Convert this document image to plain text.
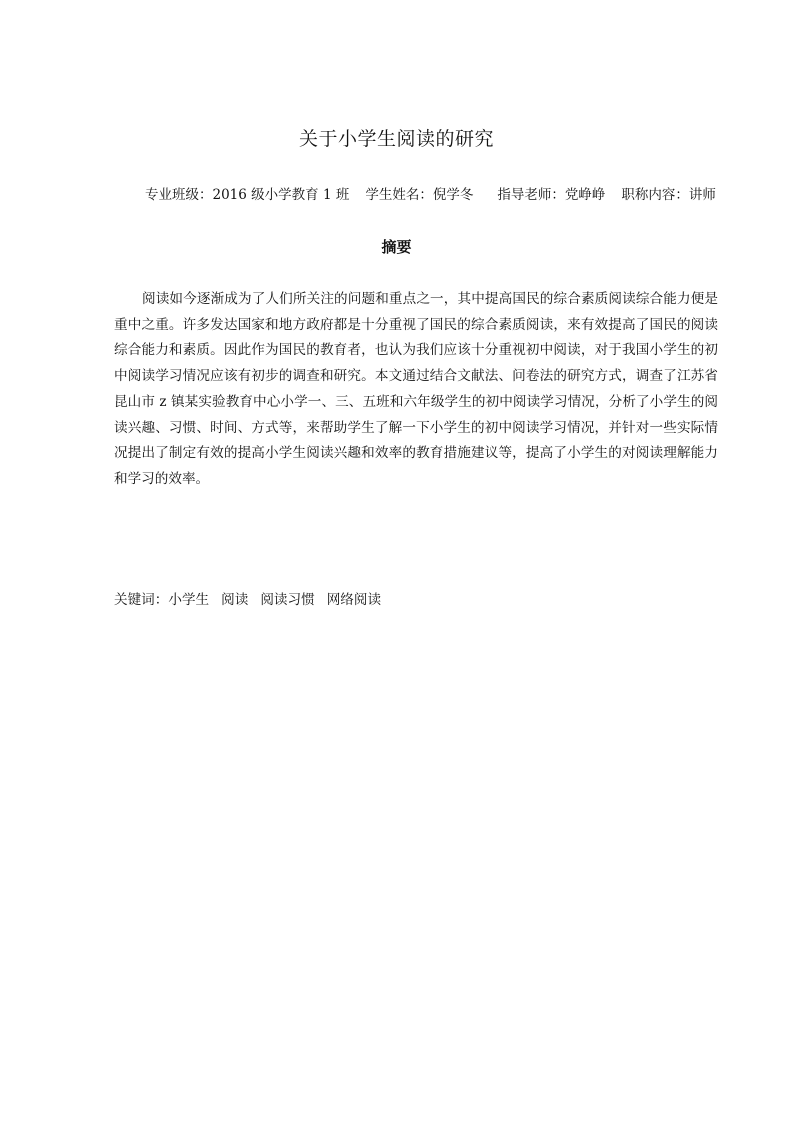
关于小学生阅读的研究
专业班级：2016 级小学教育 1 班 学生姓名：倪学冬 指导老师：党峥峥 职称内容：讲师
摘要

阅读如今逐渐成为了人们所关注的问题和重点之一，其中提高国民的综合素质阅读综合能力便是重中之重。许多发达国家和地方政府都是十分重视了国民的综合素质阅读，来有效提高了国民的阅读综合能力和素质。因此作为国民的教育者，也认为我们应该十分重视初中阅读，对于我国小学生的初中阅读学习情况应该有初步的调查和研究。本文通过结合文献法、问卷法的研究方式，调查了江苏省昆山市 z 镇某实验教育中心小学一、三、五班和六年级学生的初中阅读学习情况，分析了小学生的阅读兴趣、习惯、时间、方式等，来帮助学生了解一下小学生的初中阅读学习情况，并针对一些实际情况提出了制定有效的提高小学生阅读兴趣和效率的教育措施建议等，提高了小学生的对阅读理解能力和学习的效率。

关键词：小学生 阅读 阅读习惯 网络阅读
